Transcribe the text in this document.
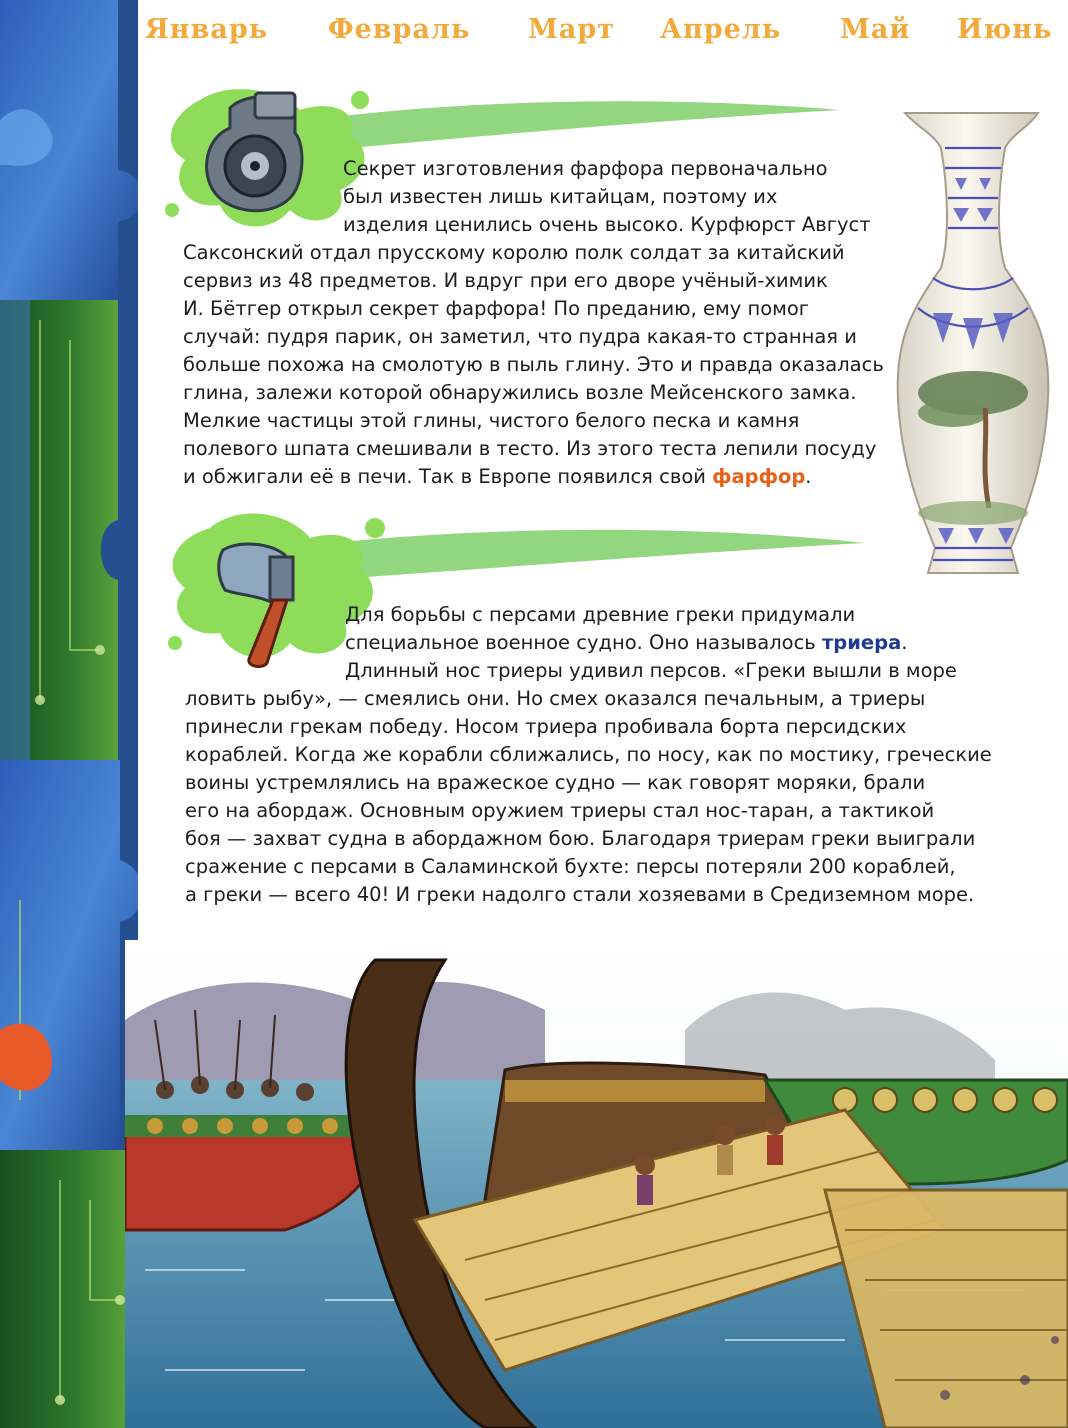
Январь Февраль Март Апрель Май Июнь
Секрет изготовления фарфора первоначально
был известен лишь китайцам, поэтому их
изделия ценились очень высоко. Курфюрст Август
Саксонский отдал прусскому королю полк солдат за китайский
сервиз из 48 предметов. И вдруг при его дворе учёный-химик
И. Бётгер открыл секрет фарфора! По преданию, ему помог
случай: пудря парик, он заметил, что пудра какая-то странная и
больше похожа на смолотую в пыль глину. Это и правда оказалась
глина, залежи которой обнаружились возле Мейсенского замка.
Мелкие частицы этой глины, чистого белого песка и камня
полевого шпата смешивали в тесто. Из этого теста лепили посуду
и обжигали её в печи. Так в Европе появился свой фарфор.
Для борьбы с персами древние греки придумали
специальное военное судно. Оно называлось триера.
Длинный нос триеры удивил персов. «Греки вышли в море
ловить рыбу», — смеялись они. Но смех оказался печальным, а триеры
принесли грекам победу. Носом триера пробивала борта персидских
кораблей. Когда же корабли сближались, по носу, как по мостику, греческие
воины устремлялись на вражеское судно — как говорят моряки, брали
его на абордаж. Основным оружием триеры стал нос-таран, а тактикой
боя — захват судна в абордажном бою. Благодаря триерам греки выиграли
сражение с персами в Саламинской бухте: персы потеряли 200 кораблей,
а греки — всего 40! И греки надолго стали хозяевами в Средиземном море.
